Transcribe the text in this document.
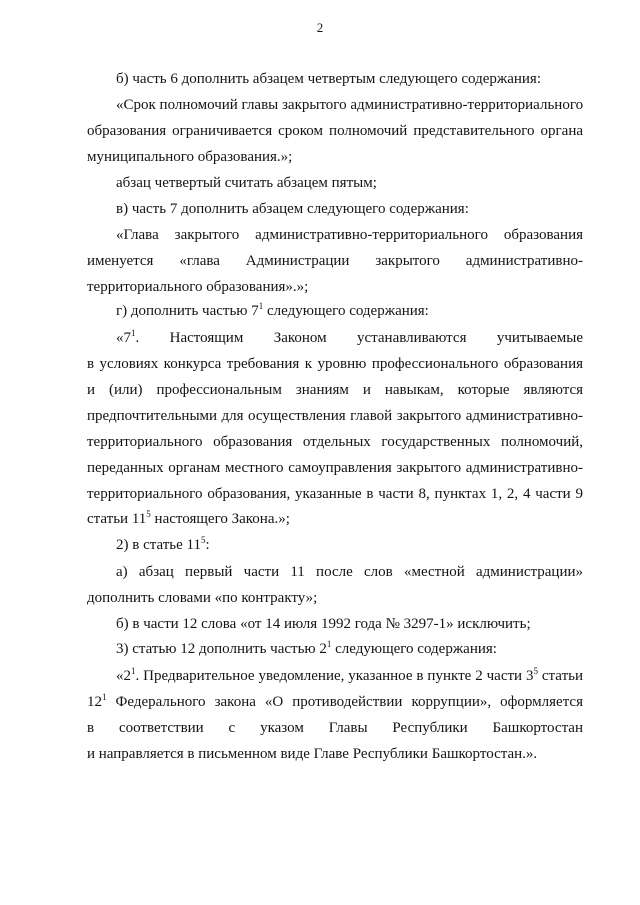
2
б) часть 6 дополнить абзацем четвертым следующего содержания:
«Срок полномочий главы закрытого административно-территориального
образования ограничивается сроком полномочий представительного органа
муниципального образования.»;
абзац четвертый считать абзацем пятым;
в) часть 7 дополнить абзацем следующего содержания:
«Глава закрытого административно-территориального образования
именуется «глава Администрации закрытого административно-
территориального образования».»;
г) дополнить частью $7^1$ следующего содержания:
«$7^1$. Настоящим Законом устанавливаются учитываемые
в условиях конкурса требования к уровню профессионального образования
и (или) профессиональным знаниям и навыкам, которые являются
предпочтительными для осуществления главой закрытого административно-
территориального образования отдельных государственных полномочий,
переданных органам местного самоуправления закрытого административно-
территориального образования, указанные в части 8, пунктах 1, 2, 4 части 9
статьи $11^5$ настоящего Закона.»;
2) в статье $11^5$:
а) абзац первый части 11 после слов «местной администрации»
дополнить словами «по контракту»;
б) в части 12 слова «от 14 июля 1992 года № 3297-1» исключить;
3) статью 12 дополнить частью $2^1$ следующего содержания:
«$2^1$. Предварительное уведомление, указанное в пункте 2 части $3^5$ статьи
$12^1$ Федерального закона «О противодействии коррупции», оформляется
в соответствии с указом Главы Республики Башкортостан
и направляется в письменном виде Главе Республики Башкортостан.».
